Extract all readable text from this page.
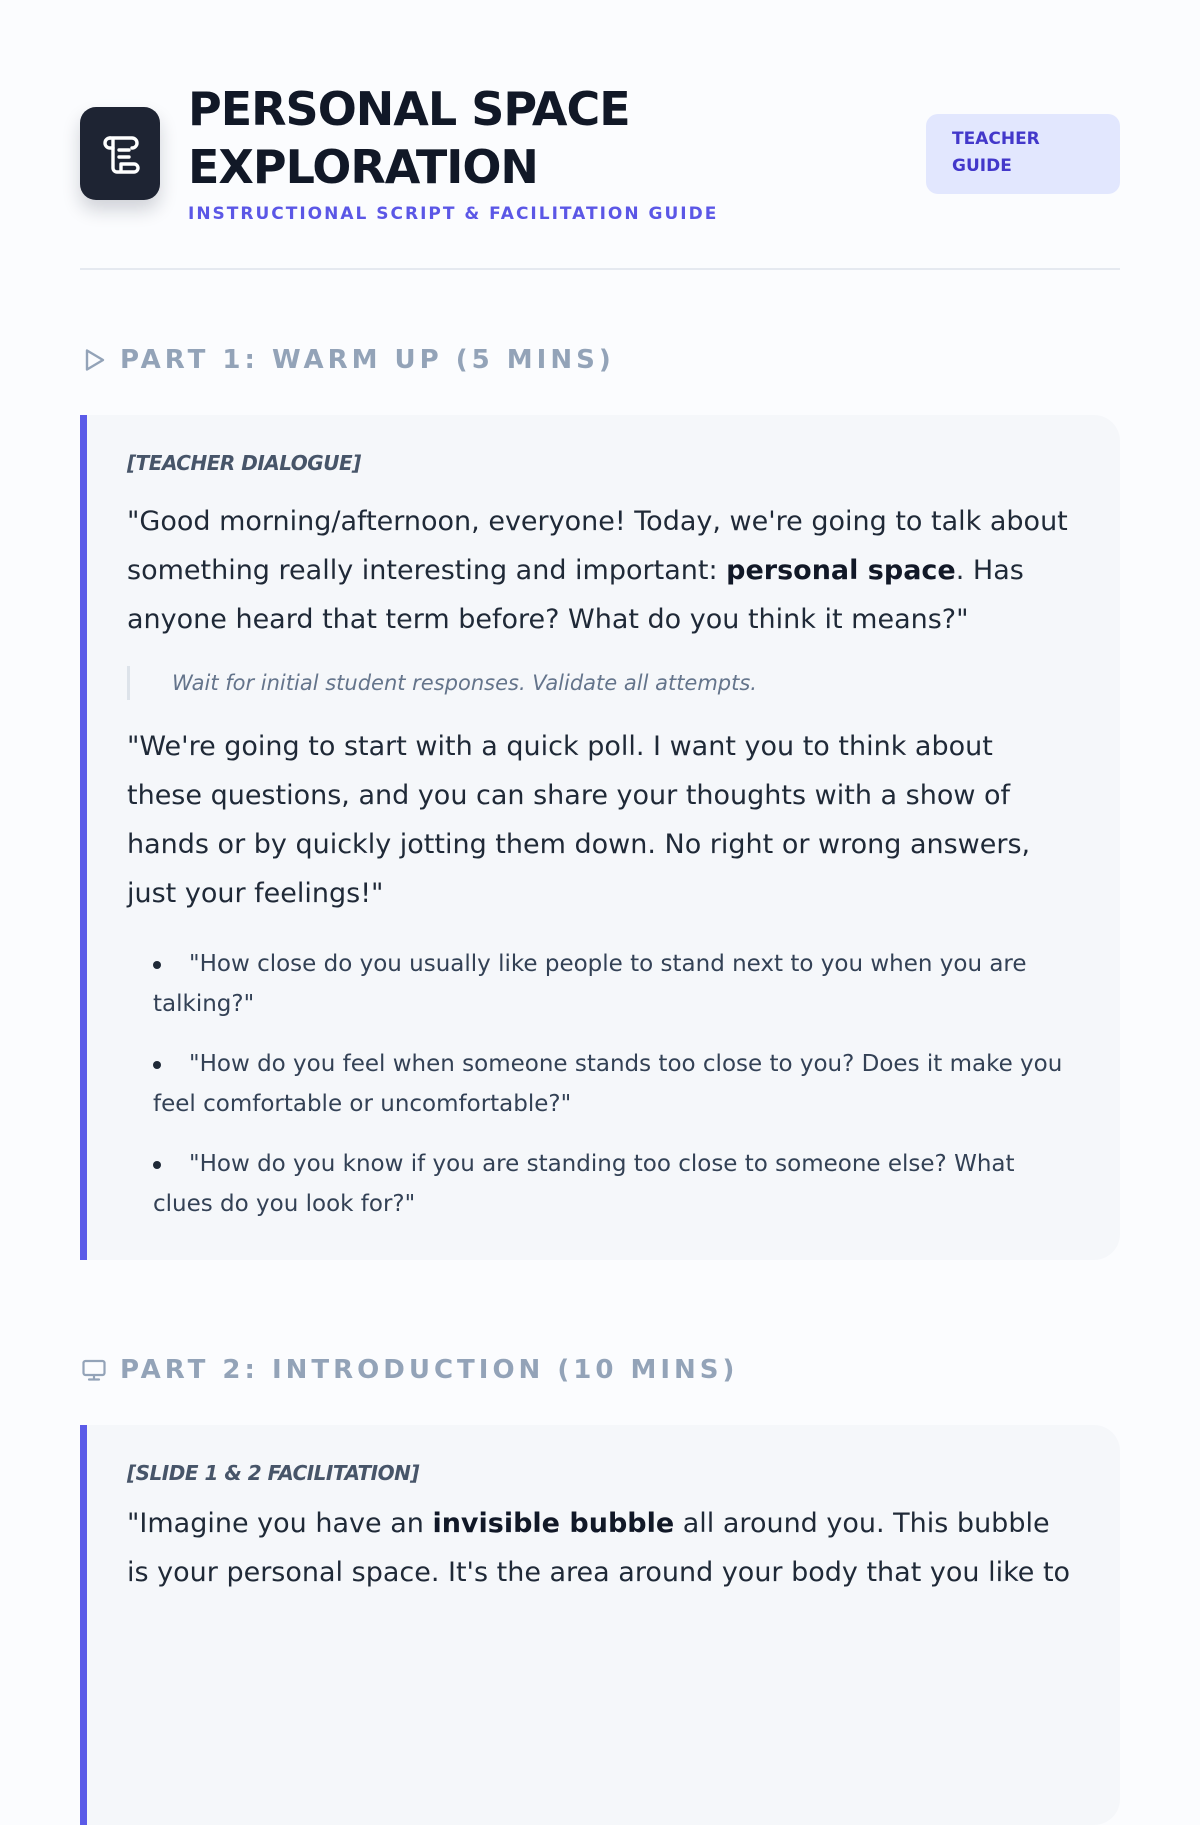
PERSONAL SPACE EXPLORATION
INSTRUCTIONAL SCRIPT & FACILITATION GUIDE
TEACHER GUIDE
PART 1: WARM UP (5 MINS)

[TEACHER DIALOGUE]

"Good morning/afternoon, everyone! Today, we're going to talk about something really interesting and important: personal space. Has anyone heard that term before? What do you think it means?"

Wait for initial student responses. Validate all attempts.

"We're going to start with a quick poll. I want you to think about these questions, and you can share your thoughts with a show of hands or by quickly jotting them down. No right or wrong answers, just your feelings!"

"How close do you usually like people to stand next to you when you are talking?"
"How do you feel when someone stands too close to you? Does it make you feel comfortable or uncomfortable?"
"How do you know if you are standing too close to someone else? What clues do you look for?"
PART 2: INTRODUCTION (10 MINS)

[SLIDE 1 & 2 FACILITATION]

"Imagine you have an invisible bubble all around you. This bubble is your personal space. It's the area around your body that you like to
